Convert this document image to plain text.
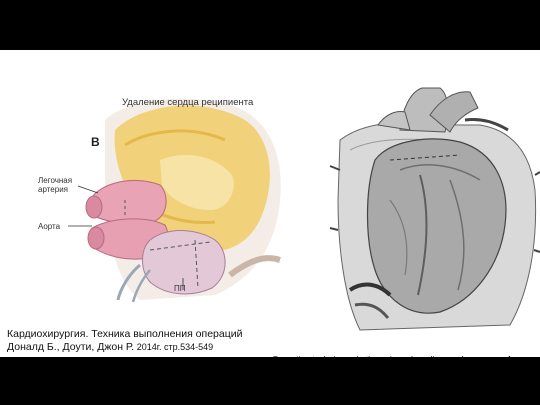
Удаление сердца реципиента
В
Легочная
артерия
Аорта
ПП

Кардиохирургия. Техника выполнения операций
Доналд Б., Доути, Джон Р. 2014г. стр.534-549
